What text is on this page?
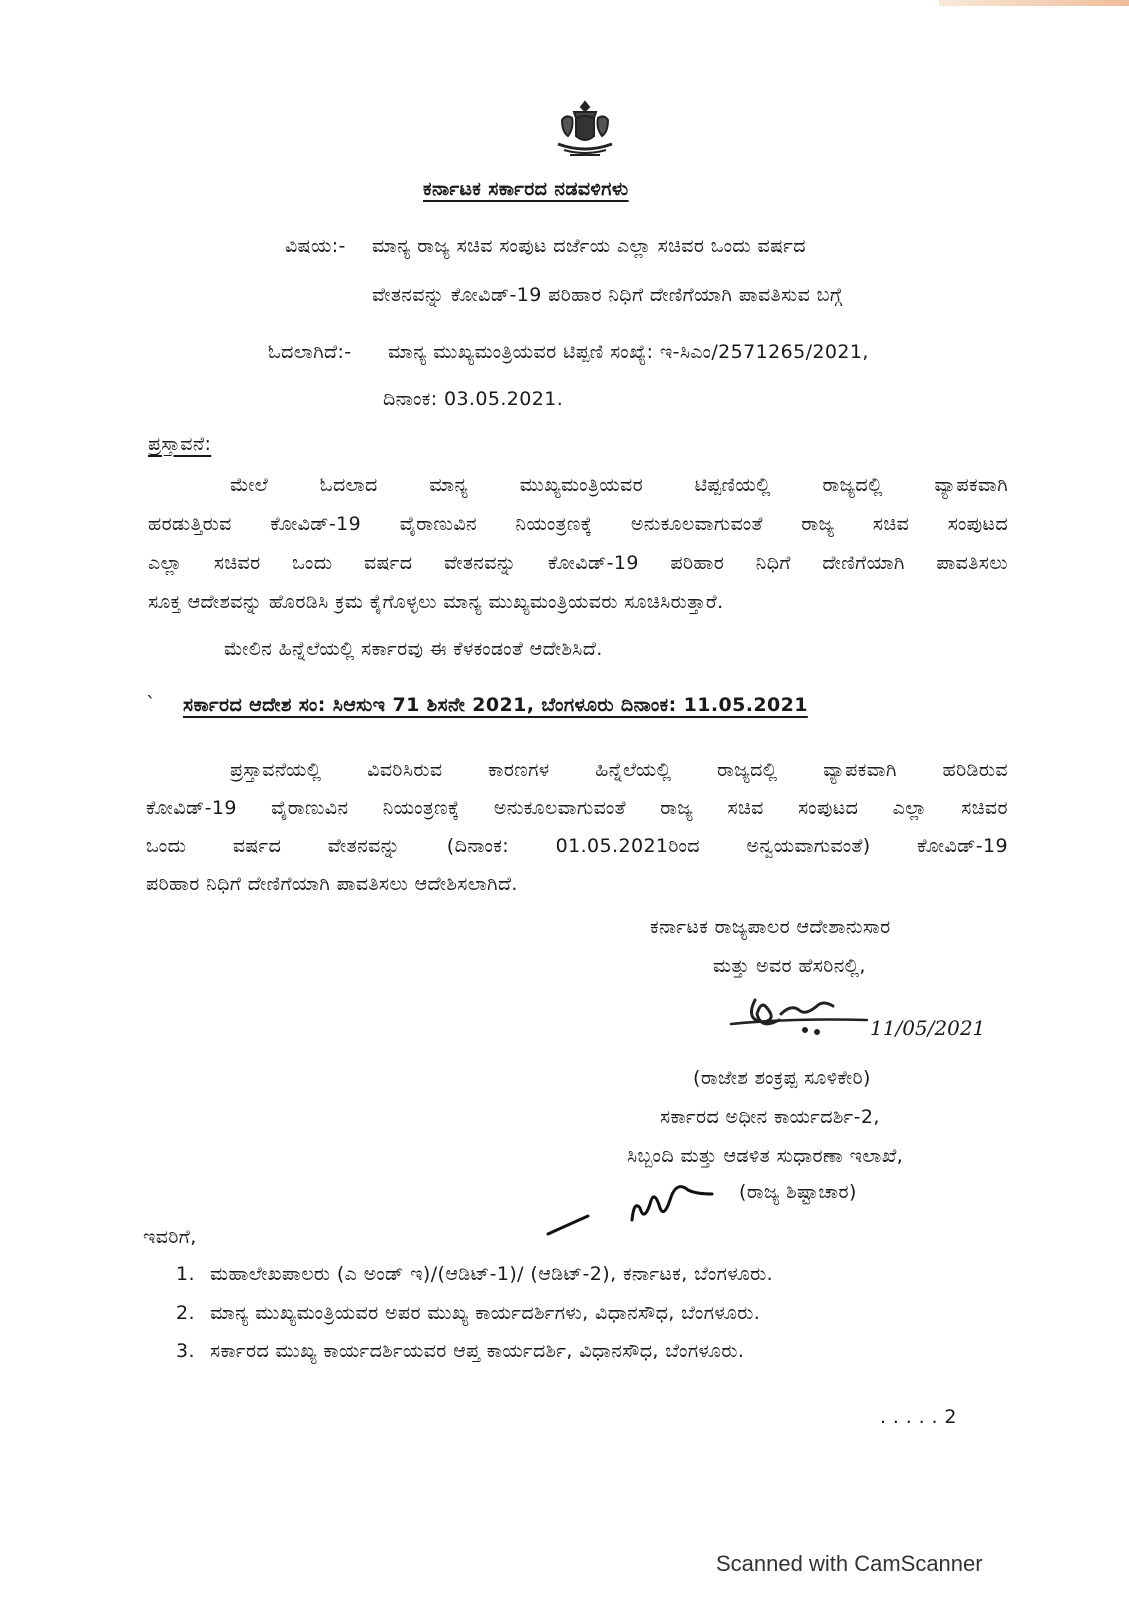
ಕರ್ನಾಟಕ ಸರ್ಕಾರದ ನಡವಳಿಗಳು
ವಿಷಯ:- ಮಾನ್ಯ ರಾಜ್ಯ ಸಚಿವ ಸಂಪುಟ ದರ್ಜೆಯ ಎಲ್ಲಾ ಸಚಿವರ ಒಂದು ವರ್ಷದ
ವೇತನವನ್ನು ಕೋವಿಡ್-19 ಪರಿಹಾರ ನಿಧಿಗೆ ದೇಣಿಗೆಯಾಗಿ ಪಾವತಿಸುವ ಬಗ್ಗೆ
ಓದಲಾಗಿದೆ:- ಮಾನ್ಯ ಮುಖ್ಯಮಂತ್ರಿಯವರ ಟಿಪ್ಪಣಿ ಸಂಖ್ಯೆ: ಇ-ಸಿಎಂ/2571265/2021,
ದಿನಾಂಕ: 03.05.2021.
ಪ್ರಸ್ತಾವನೆ:
ಮೇಲೆ ಓದಲಾದ ಮಾನ್ಯ ಮುಖ್ಯಮಂತ್ರಿಯವರ ಟಿಪ್ಪಣಿಯಲ್ಲಿ ರಾಜ್ಯದಲ್ಲಿ ವ್ಯಾಪಕವಾಗಿ
ಹರಡುತ್ತಿರುವ ಕೋವಿಡ್-19 ವೈರಾಣುವಿನ ನಿಯಂತ್ರಣಕ್ಕೆ ಅನುಕೂಲವಾಗುವಂತೆ ರಾಜ್ಯ ಸಚಿವ ಸಂಪುಟದ
ಎಲ್ಲಾ ಸಚಿವರ ಒಂದು ವರ್ಷದ ವೇತನವನ್ನು ಕೋವಿಡ್-19 ಪರಿಹಾರ ನಿಧಿಗೆ ದೇಣಿಗೆಯಾಗಿ ಪಾವತಿಸಲು
ಸೂಕ್ತ ಆದೇಶವನ್ನು ಹೊರಡಿಸಿ ಕ್ರಮ ಕೈಗೊಳ್ಳಲು ಮಾನ್ಯ ಮುಖ್ಯಮಂತ್ರಿಯವರು ಸೂಚಿಸಿರುತ್ತಾರೆ.
ಮೇಲಿನ ಹಿನ್ನೆಲೆಯಲ್ಲಿ ಸರ್ಕಾರವು ಈ ಕೆಳಕಂಡಂತೆ ಆದೇಶಿಸಿದೆ.
` ಸರ್ಕಾರದ ಆದೇಶ ಸಂ: ಸಿಆಸುಇ 71 ಶಿಸನೇ 2021, ಬೆಂಗಳೂರು ದಿನಾಂಕ: 11.05.2021
ಪ್ರಸ್ತಾವನೆಯಲ್ಲಿ ವಿವರಿಸಿರುವ ಕಾರಣಗಳ ಹಿನ್ನೆಲೆಯಲ್ಲಿ ರಾಜ್ಯದಲ್ಲಿ ವ್ಯಾಪಕವಾಗಿ ಹರಿಡಿರುವ
ಕೋವಿಡ್-19 ವೈರಾಣುವಿನ ನಿಯಂತ್ರಣಕ್ಕೆ ಅನುಕೂಲವಾಗುವಂತೆ ರಾಜ್ಯ ಸಚಿವ ಸಂಪುಟದ ಎಲ್ಲಾ ಸಚಿವರ
ಒಂದು ವರ್ಷದ ವೇತನವನ್ನು (ದಿನಾಂಕ: 01.05.2021ರಿಂದ ಅನ್ವಯವಾಗುವಂತೆ) ಕೋವಿಡ್-19
ಪರಿಹಾರ ನಿಧಿಗೆ ದೇಣಿಗೆಯಾಗಿ ಪಾವತಿಸಲು ಆದೇಶಿಸಲಾಗಿದೆ.
ಕರ್ನಾಟಕ ರಾಜ್ಯಪಾಲರ ಆದೇಶಾನುಸಾರ
ಮತ್ತು ಅವರ ಹೆಸರಿನಲ್ಲಿ,
11/05/2021
(ರಾಜೇಶ ಶಂಕ್ರಪ್ಪ ಸೂಳಿಕೇರಿ)
ಸರ್ಕಾರದ ಅಧೀನ ಕಾರ್ಯದರ್ಶಿ-2,
ಸಿಬ್ಬಂದಿ ಮತ್ತು ಆಡಳಿತ ಸುಧಾರಣಾ ಇಲಾಖೆ,
(ರಾಜ್ಯ ಶಿಷ್ಟಾಚಾರ)
ಇವರಿಗೆ,
1. ಮಹಾಲೇಖಪಾಲರು (ಎ ಅಂಡ್ ಇ)/(ಆಡಿಟ್-1)/ (ಆಡಿಟ್-2), ಕರ್ನಾಟಕ, ಬೆಂಗಳೂರು.
2. ಮಾನ್ಯ ಮುಖ್ಯಮಂತ್ರಿಯವರ ಅಪರ ಮುಖ್ಯ ಕಾರ್ಯದರ್ಶಿಗಳು, ವಿಧಾನಸೌಧ, ಬೆಂಗಳೂರು.
3. ಸರ್ಕಾರದ ಮುಖ್ಯ ಕಾರ್ಯದರ್ಶಿಯವರ ಆಪ್ತ ಕಾರ್ಯದರ್ಶಿ, ವಿಧಾನಸೌಧ, ಬೆಂಗಳೂರು.
. . . . . 2
Scanned with CamScanner
